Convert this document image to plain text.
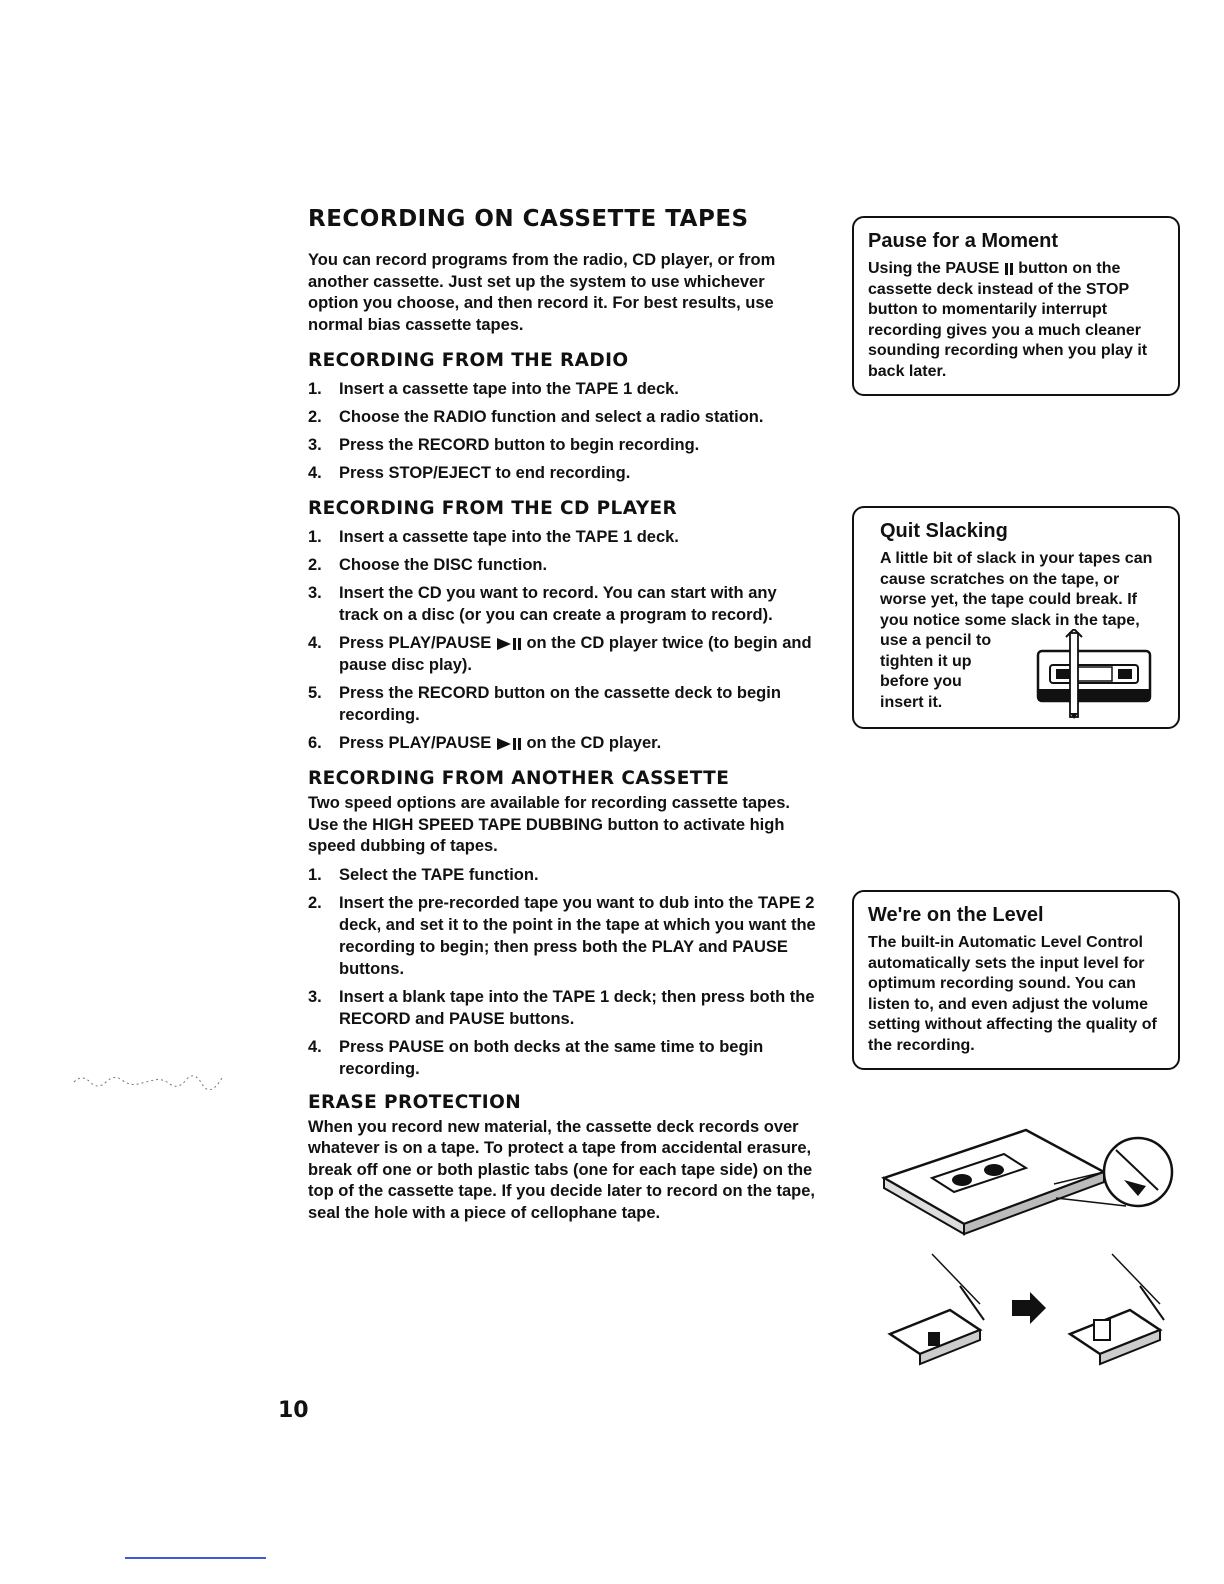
RECORDING ON CASSETTE TAPES

You can record programs from the radio, CD player, or from another cassette. Just set up the system to use whichever option you choose, and then record it. For best results, use normal bias cassette tapes.

RECORDING FROM THE RADIO
1. Insert a cassette tape into the TAPE 1 deck.
2. Choose the RADIO function and select a radio station.
3. Press the RECORD button to begin recording.
4. Press STOP/EJECT to end recording.
RECORDING FROM THE CD PLAYER
1. Insert a cassette tape into the TAPE 1 deck.
2. Choose the DISC function.
3. Insert the CD you want to record. You can start with any track on a disc (or you can create a program to record).
4. Press PLAY/PAUSE on the CD player twice (to begin and pause disc play).
5. Press the RECORD button on the cassette deck to begin recording.
6. Press PLAY/PAUSE on the CD player.
RECORDING FROM ANOTHER CASSETTE

Two speed options are available for recording cassette tapes. Use the HIGH SPEED TAPE DUBBING button to activate high speed dubbing of tapes.

1. Select the TAPE function.
2. Insert the pre-recorded tape you want to dub into the TAPE 2 deck, and set it to the point in the tape at which you want the recording to begin; then press both the PLAY and PAUSE buttons.
3. Insert a blank tape into the TAPE 1 deck; then press both the RECORD and PAUSE buttons.
4. Press PAUSE on both decks at the same time to begin recording.
ERASE PROTECTION

When you record new material, the cassette deck records over whatever is on a tape. To protect a tape from accidental erasure, break off one or both plastic tabs (one for each tape side) on the top of the cassette tape. If you decide later to record on the tape, seal the hole with a piece of cellophane tape.

Pause for a Moment

Using the PAUSE button on the cassette deck instead of the STOP button to momentarily interrupt recording gives you a much cleaner sounding recording when you play it back later.

Quit Slacking

A little bit of slack in your tapes can cause scratches on the tape, or worse yet, the tape could break. If you notice some slack in the tape,

use a pencil to

tighten it up

before you

insert it.

We're on the Level

The built-in Automatic Level Control automatically sets the input level for optimum recording sound. You can listen to, and even adjust the volume setting without affecting the quality of the recording.

10
